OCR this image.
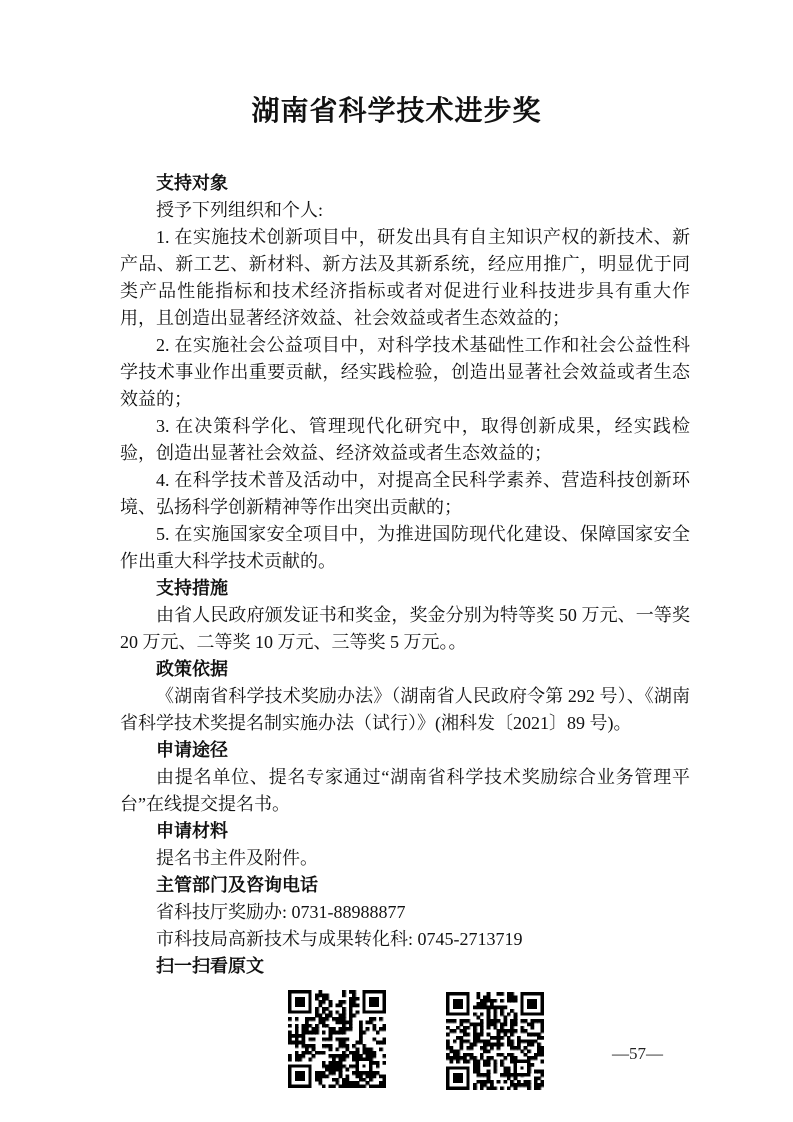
湖南省科学技术进步奖
支持对象

授予下列组织和个人:

1. 在实施技术创新项目中，研发出具有自主知识产权的新技术、新产品、新工艺、新材料、新方法及其新系统，经应用推广，明显优于同类产品性能指标和技术经济指标或者对促进行业科技进步具有重大作用，且创造出显著经济效益、社会效益或者生态效益的；

2. 在实施社会公益项目中，对科学技术基础性工作和社会公益性科学技术事业作出重要贡献，经实践检验，创造出显著社会效益或者生态效益的；

3. 在决策科学化、管理现代化研究中，取得创新成果，经实践检验，创造出显著社会效益、经济效益或者生态效益的；

4. 在科学技术普及活动中，对提高全民科学素养、营造科技创新环境、弘扬科学创新精神等作出突出贡献的；

5. 在实施国家安全项目中，为推进国防现代化建设、保障国家安全作出重大科学技术贡献的。

支持措施

由省人民政府颁发证书和奖金，奖金分别为特等奖 50 万元、一等奖 20 万元、二等奖 10 万元、三等奖 5 万元。。

政策依据

《湖南省科学技术奖励办法》（湖南省人民政府令第 292 号）、《湖南省科学技术奖提名制实施办法（试行）》(湘科发〔2021〕89 号)。

申请途径

由提名单位、提名专家通过“湖南省科学技术奖励综合业务管理平台”在线提交提名书。

申请材料

提名书主件及附件。

主管部门及咨询电话

省科技厅奖励办: 0731-88988877

市科技局高新技术与成果转化科: 0745-2713719

扫一扫看原文
—57—
